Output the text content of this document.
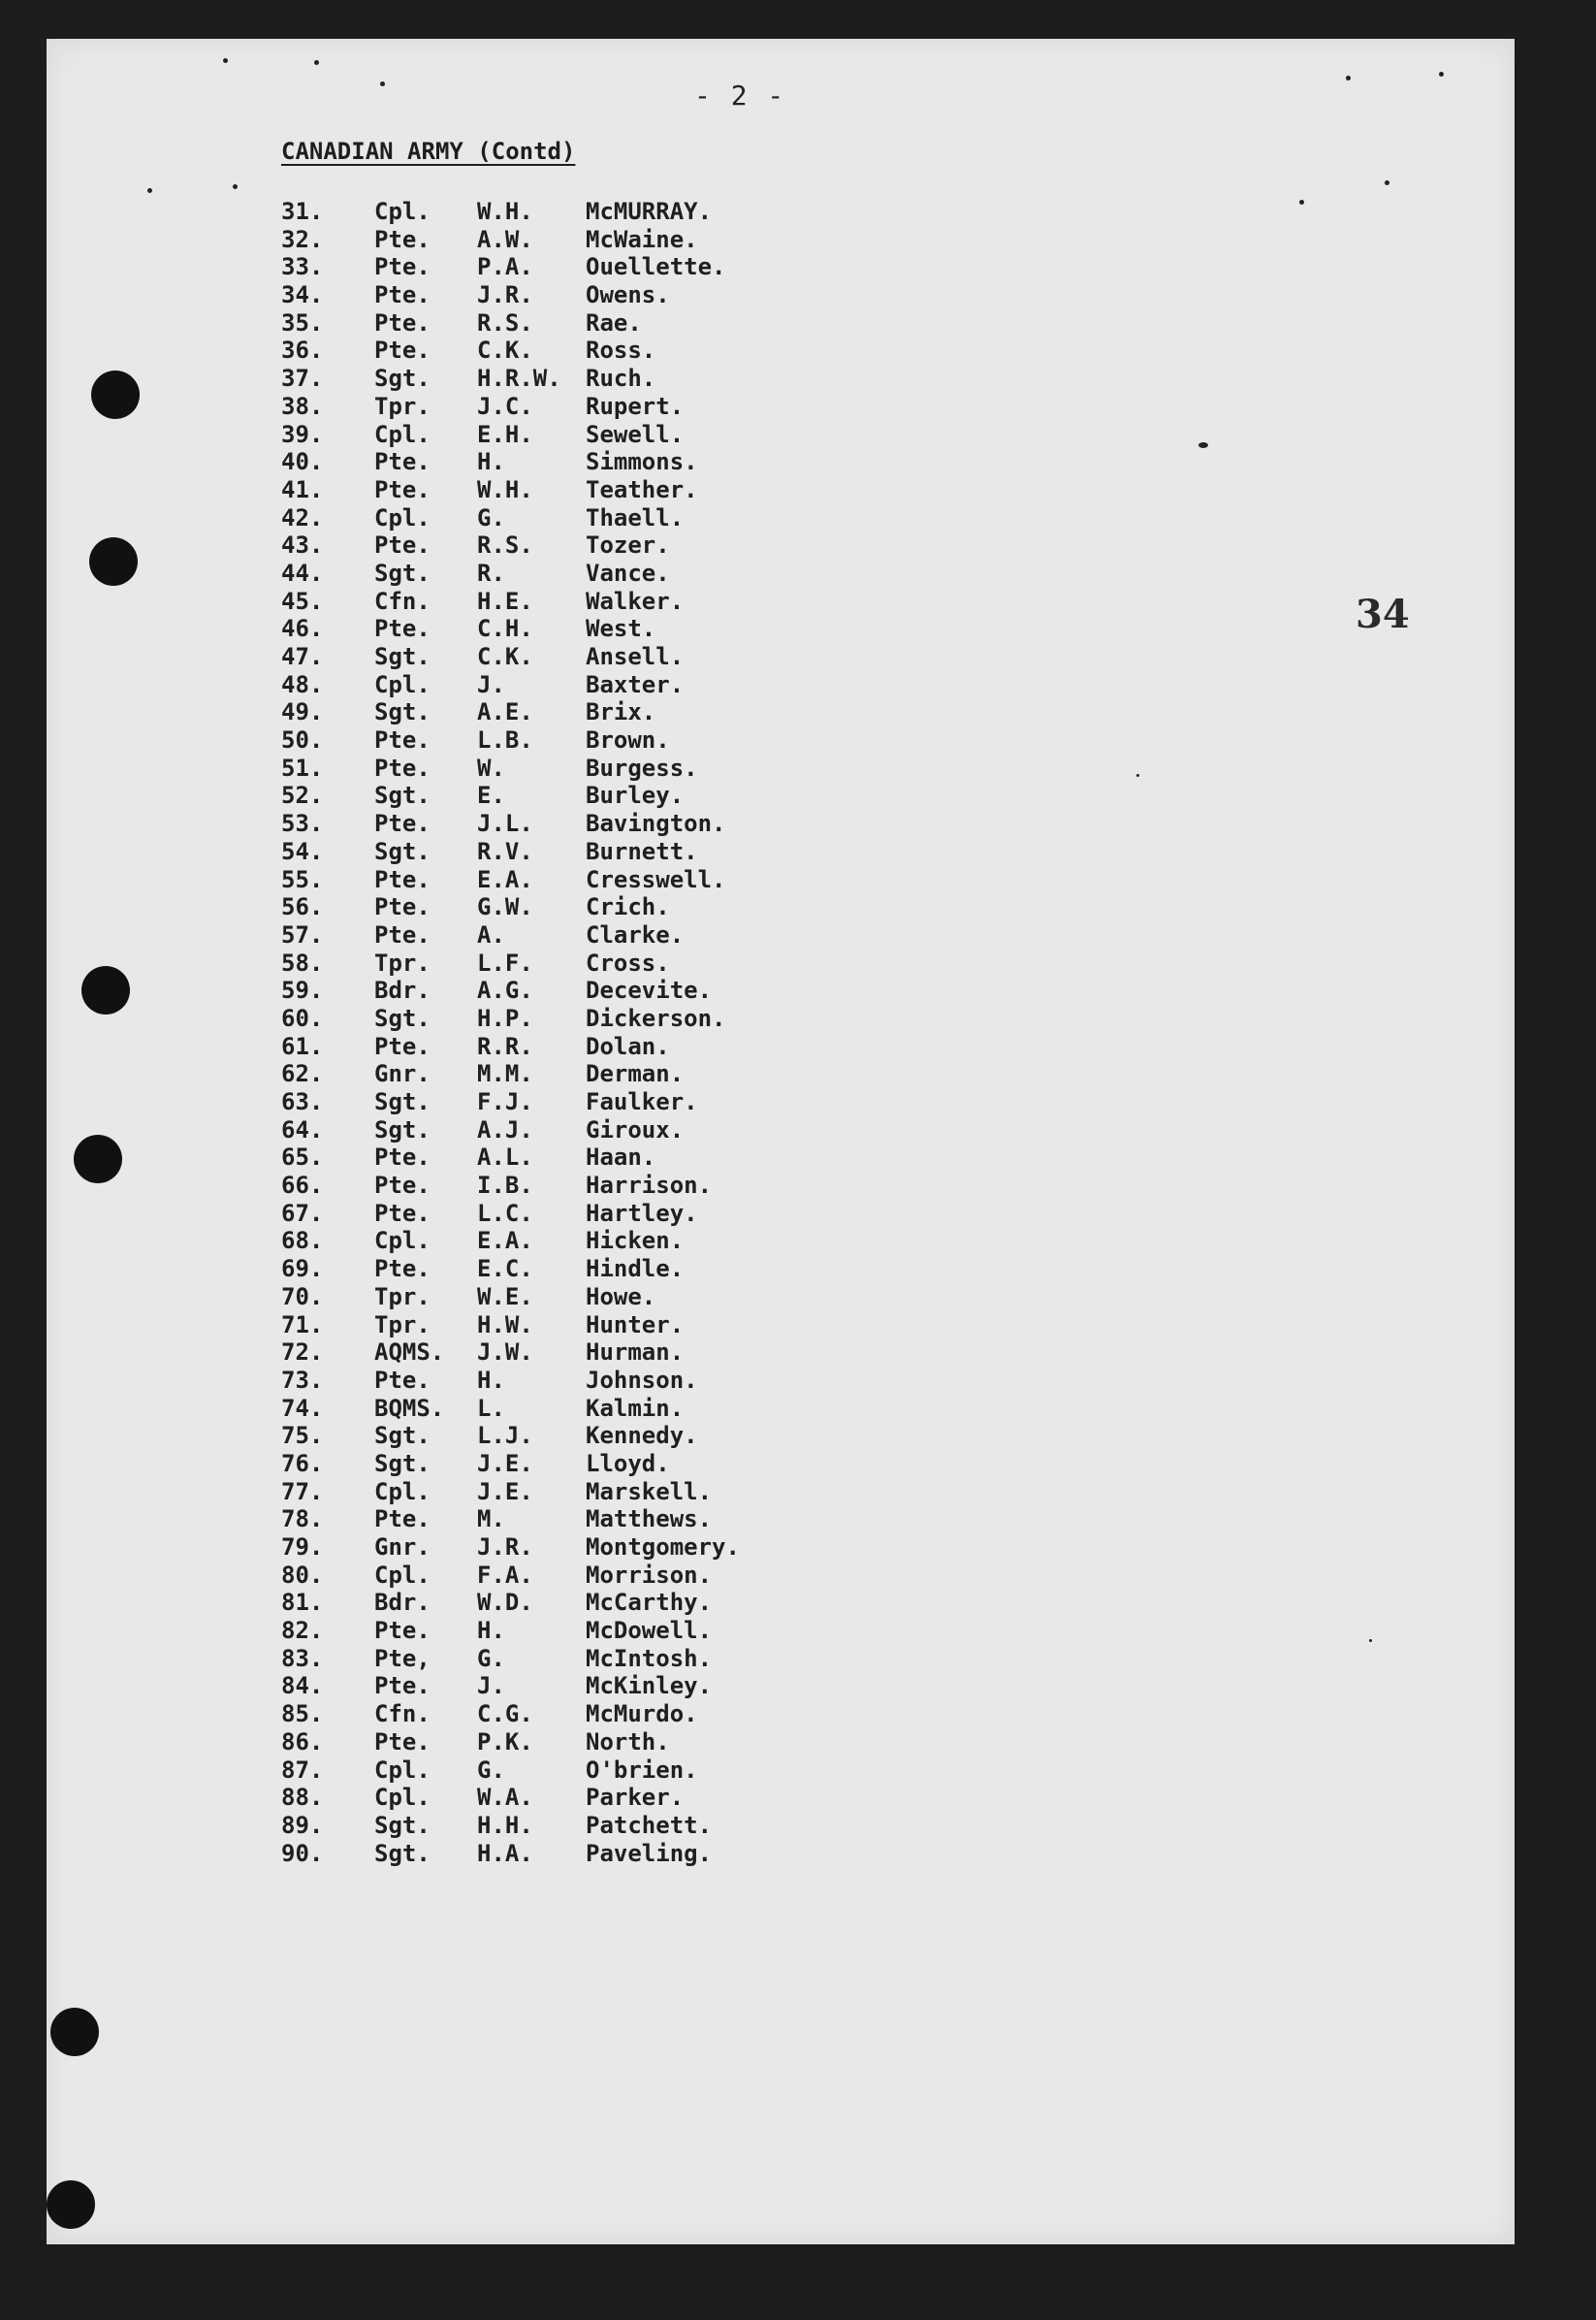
- 2 -
CANADIAN ARMY (Contd)
34
31. Cpl. W.H. McMURRAY.
32. Pte. A.W. McWaine.
33. Pte. P.A. Ouellette.
34. Pte. J.R. Owens.
35. Pte. R.S. Rae.
36. Pte. C.K. Ross.
37. Sgt. H.R.W. Ruch.
38. Tpr. J.C. Rupert.
39. Cpl. E.H. Sewell.
40. Pte. H.	Simmons.
41. Pte. W.H. Teather.
42. Cpl. G.	Thaell.
43. Pte. R.S. Tozer.
44. Sgt. R.	Vance.
45. Cfn. H.E. Walker.
46. Pte. C.H. West.
47. Sgt. C.K. Ansell.
48. Cpl. J.	Baxter.
49. Sgt. A.E. Brix.
50. Pte. L.B. Brown.
51. Pte. W.	Burgess.
52. Sgt. E.	Burley.
53. Pte. J.L. Bavington.
54. Sgt. R.V. Burnett.
55. Pte. E.A. Cresswell.
56. Pte. G.W. Crich.
57. Pte. A.	Clarke.
58. Tpr. L.F. Cross.
59. Bdr. A.G. Decevite.
60. Sgt. H.P. Dickerson.
61. Pte. R.R. Dolan.
62. Gnr. M.M. Derman.
63. Sgt. F.J. Faulker.
64. Sgt. A.J. Giroux.
65. Pte. A.L. Haan.
66. Pte. I.B. Harrison.
67. Pte. L.C. Hartley.
68. Cpl. E.A. Hicken.
69. Pte. E.C. Hindle.
70. Tpr. W.E. Howe.
71. Tpr. H.W. Hunter.
72. AQMS. J.W. Hurman.
73. Pte. H.	Johnson.
74. BQMS. L.	Kalmin.
75. Sgt. L.J. Kennedy.
76. Sgt. J.E. Lloyd.
77. Cpl. J.E. Marskell.
78. Pte. M.	Matthews.
79. Gnr. J.R. Montgomery.
80. Cpl. F.A. Morrison.
81. Bdr. W.D. McCarthy.
82. Pte. H.	McDowell.
83. Pte, G.	McIntosh.
84. Pte. J.	McKinley.
85. Cfn. C.G. McMurdo.
86. Pte. P.K. North.
87. Cpl. G.	O'brien.
88. Cpl. W.A. Parker.
89. Sgt. H.H. Patchett.
90. Sgt. H.A. Paveling.
